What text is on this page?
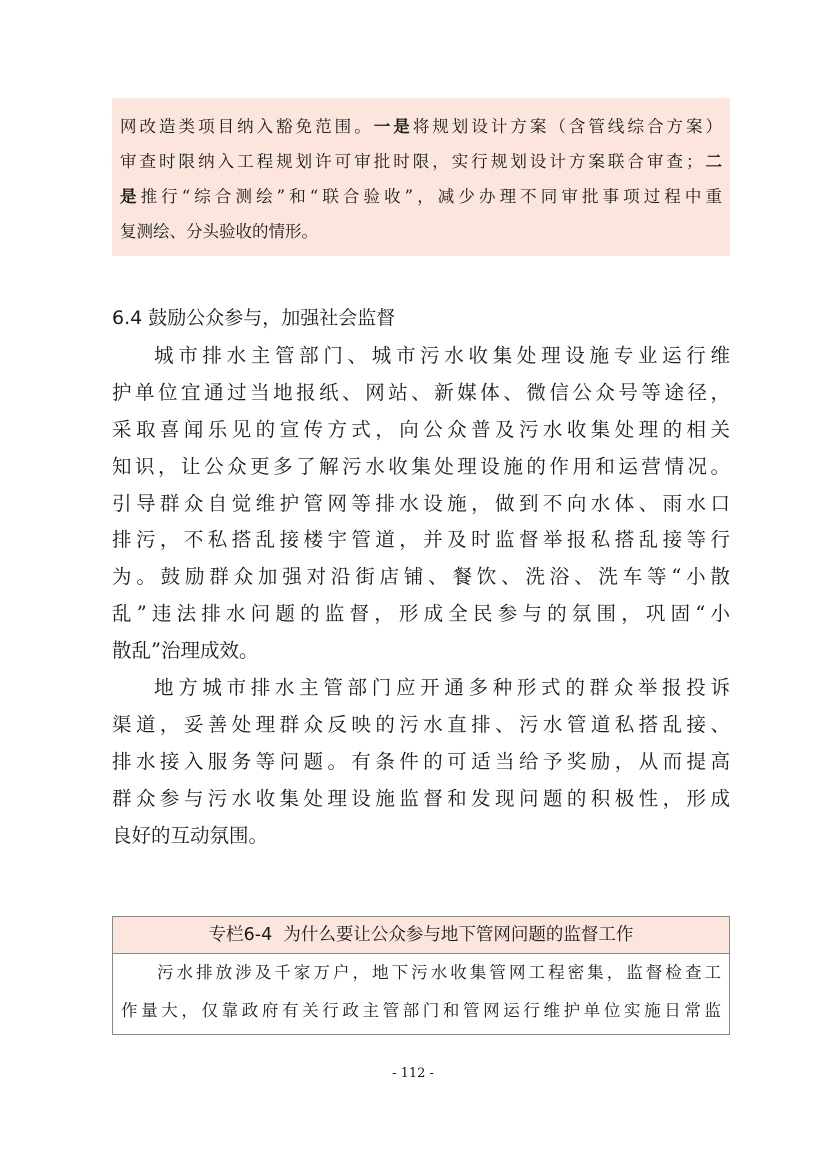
网改造类项目纳入豁免范围。一是将规划设计方案（含管线综合方案）
审查时限纳入工程规划许可审批时限，实行规划设计方案联合审查；二
是推行“综合测绘”和“联合验收”，减少办理不同审批事项过程中重
复测绘、分头验收的情形。
6.4 鼓励公众参与，加强社会监督
城市排水主管部门、城市污水收集处理设施专业运行维
护单位宜通过当地报纸、网站、新媒体、微信公众号等途径，
采取喜闻乐见的宣传方式，向公众普及污水收集处理的相关
知识，让公众更多了解污水收集处理设施的作用和运营情况。
引导群众自觉维护管网等排水设施，做到不向水体、雨水口
排污，不私搭乱接楼宇管道，并及时监督举报私搭乱接等行
为。鼓励群众加强对沿街店铺、餐饮、洗浴、洗车等“小散
乱”违法排水问题的监督，形成全民参与的氛围，巩固“小
散乱”治理成效。
地方城市排水主管部门应开通多种形式的群众举报投诉
渠道，妥善处理群众反映的污水直排、污水管道私搭乱接、
排水接入服务等问题。有条件的可适当给予奖励，从而提高
群众参与污水收集处理设施监督和发现问题的积极性，形成
良好的互动氛围。
专栏6-4  为什么要让公众参与地下管网问题的监督工作
污水排放涉及千家万户，地下污水收集管网工程密集，监督检查工
作量大，仅靠政府有关行政主管部门和管网运行维护单位实施日常监
- 112 -
